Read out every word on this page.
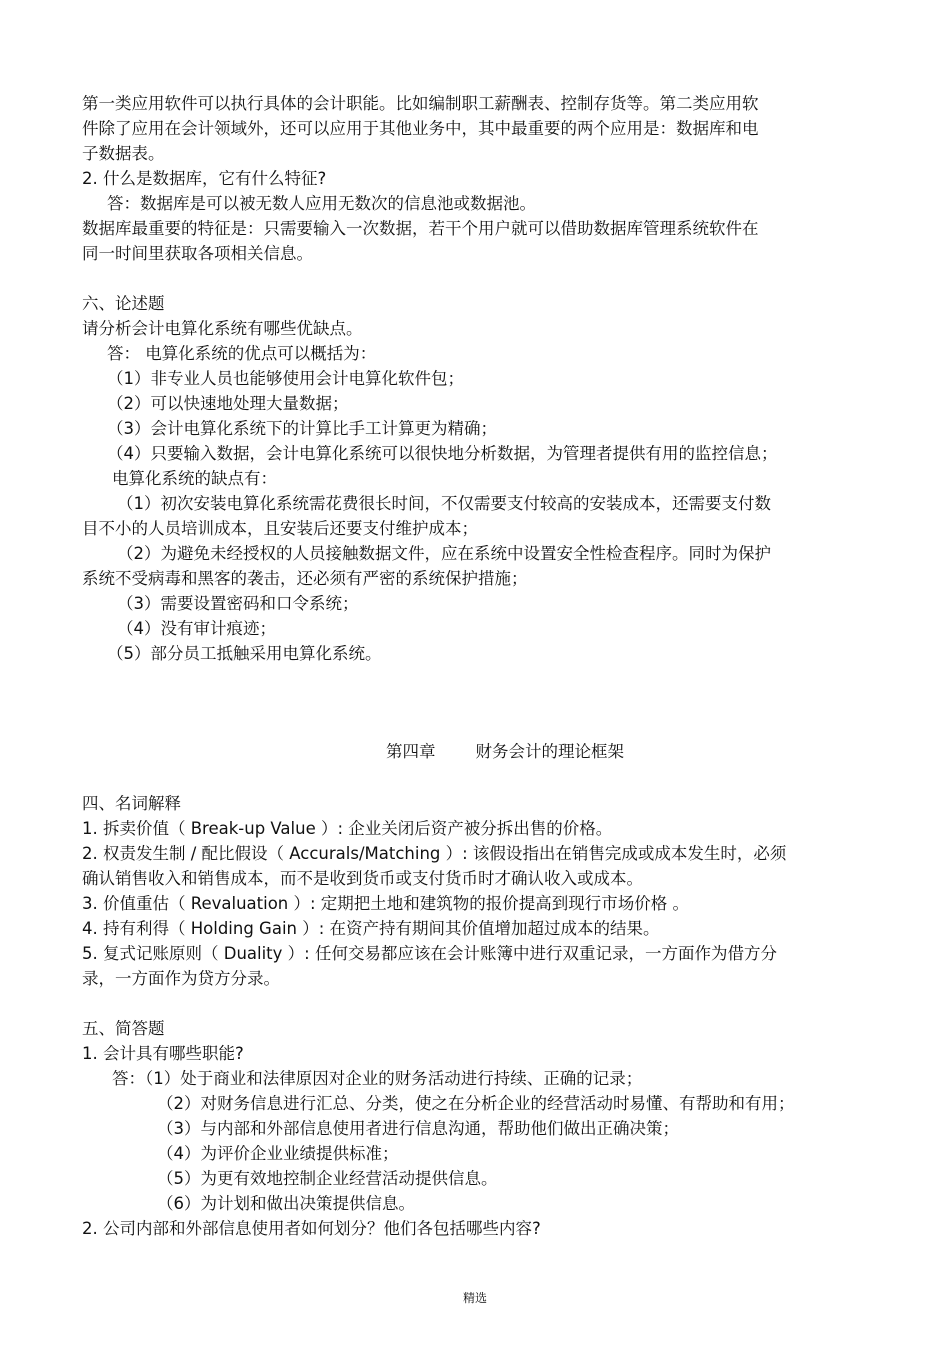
第一类应用软件可以执行具体的会计职能。比如编制职工薪酬表、控制存货等。第二类应用软
件除了应用在会计领域外，还可以应用于其他业务中，其中最重要的两个应用是：数据库和电
子数据表。
2. 什么是数据库，它有什么特征?
答：数据库是可以被无数人应用无数次的信息池或数据池。
数据库最重要的特征是：只需要输入一次数据，若干个用户就可以借助数据库管理系统软件在
同一时间里获取各项相关信息。
六、论述题
请分析会计电算化系统有哪些优缺点。
答： 电算化系统的优点可以概括为：
（1）非专业人员也能够使用会计电算化软件包；
（2）可以快速地处理大量数据；
（3）会计电算化系统下的计算比手工计算更为精确；
（4）只要输入数据，会计电算化系统可以很快地分析数据，为管理者提供有用的监控信息；
电算化系统的缺点有：
（1）初次安装电算化系统需花费很长时间，不仅需要支付较高的安装成本，还需要支付数
目不小的人员培训成本，且安装后还要支付维护成本；
（2）为避免未经授权的人员接触数据文件，应在系统中设置安全性检查程序。同时为保护
系统不受病毒和黑客的袭击，还必须有严密的系统保护措施；
（3）需要设置密码和口令系统；
（4）没有审计痕迹；
（5）部分员工抵触采用电算化系统。
第四章 财务会计的理论框架
四、名词解释
1. 拆卖价值（ Break-up Value ）: 企业关闭后资产被分拆出售的价格。
2. 权责发生制 / 配比假设（ Accurals/Matching ）: 该假设指出在销售完成或成本发生时，必须
确认销售收入和销售成本，而不是收到货币或支付货币时才确认收入或成本。
3. 价值重估（ Revaluation ）: 定期把土地和建筑物的报价提高到现行市场价格 。
4. 持有利得（ Holding Gain ）: 在资产持有期间其价值增加超过成本的结果。
5. 复式记账原则（ Duality ）: 任何交易都应该在会计账簿中进行双重记录，一方面作为借方分
录，一方面作为贷方分录。
五、简答题
1. 会计具有哪些职能?
答：（1）处于商业和法律原因对企业的财务活动进行持续、正确的记录；
（2）对财务信息进行汇总、分类，使之在分析企业的经营活动时易懂、有帮助和有用；
（3）与内部和外部信息使用者进行信息沟通，帮助他们做出正确决策；
（4）为评价企业业绩提供标准；
（5）为更有效地控制企业经营活动提供信息。
（6）为计划和做出决策提供信息。
2. 公司内部和外部信息使用者如何划分？他们各包括哪些内容?
精选
